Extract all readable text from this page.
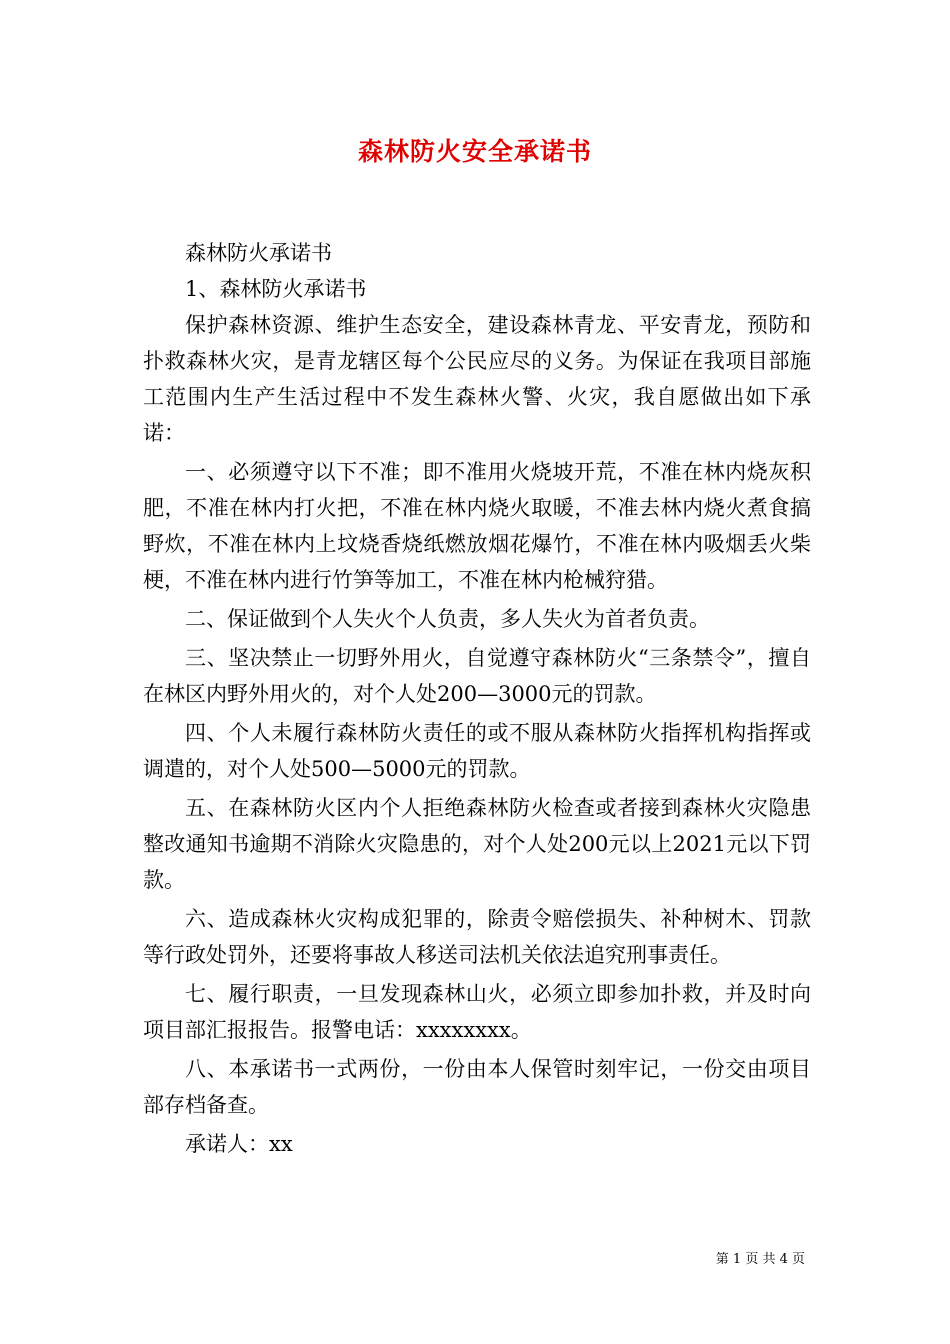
森林防火安全承诺书

森林防火承诺书

1、森林防火承诺书

保护森林资源、维护生态安全，建设森林青龙、平安青龙，预防和扑救森林火灾，是青龙辖区每个公民应尽的义务。为保证在我项目部施工范围内生产生活过程中不发生森林火警、火灾，我自愿做出如下承诺：

一、必须遵守以下不准；即不准用火烧坡开荒，不准在林内烧灰积肥，不准在林内打火把，不准在林内烧火取暖，不准去林内烧火煮食搞野炊，不准在林内上坟烧香烧纸燃放烟花爆竹，不准在林内吸烟丢火柴梗，不准在林内进行竹笋等加工，不准在林内枪械狩猎。

二、保证做到个人失火个人负责，多人失火为首者负责。

三、坚决禁止一切野外用火，自觉遵守森林防火“三条禁令”，擅自在林区内野外用火的，对个人处200—3000元的罚款。

四、个人未履行森林防火责任的或不服从森林防火指挥机构指挥或调遣的，对个人处500—5000元的罚款。

五、在森林防火区内个人拒绝森林防火检查或者接到森林火灾隐患整改通知书逾期不消除火灾隐患的，对个人处200元以上2021元以下罚款。

六、造成森林火灾构成犯罪的，除责令赔偿损失、补种树木、罚款等行政处罚外，还要将事故人移送司法机关依法追究刑事责任。

七、履行职责，一旦发现森林山火，必须立即参加扑救，并及时向项目部汇报报告。报警电话：xxxxxxxx。

八、本承诺书一式两份，一份由本人保管时刻牢记，一份交由项目部存档备查。

承诺人：xx

第 1 页 共 4 页
